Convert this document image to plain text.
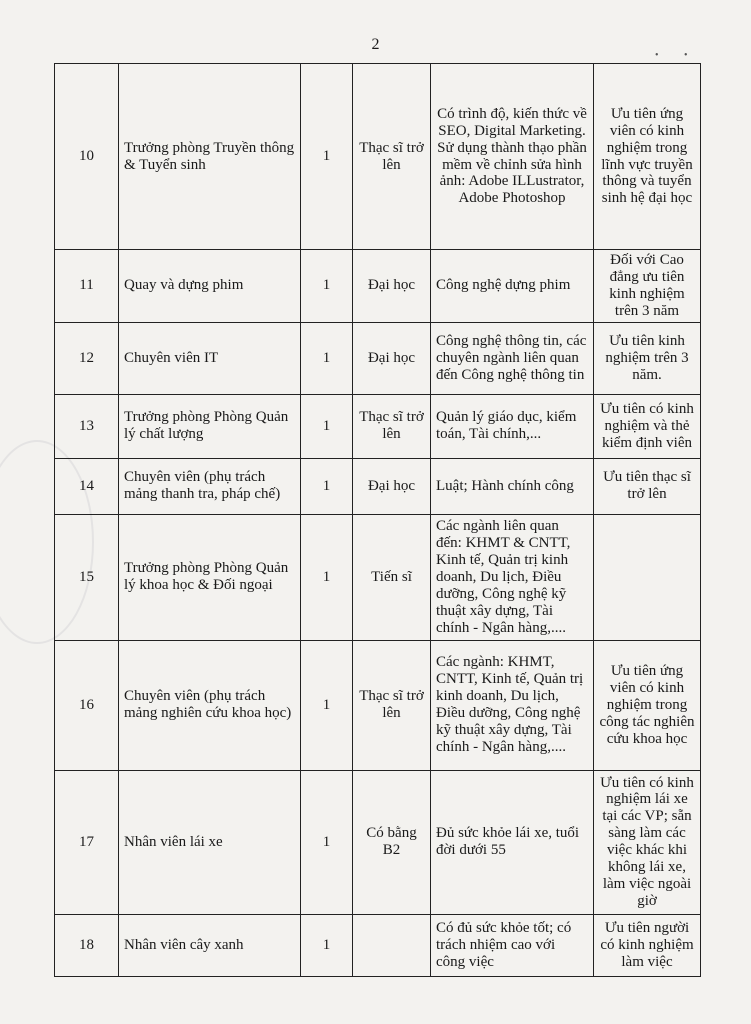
2
•	•
10	Trưởng phòng Truyền thông & Tuyển sinh	1	Thạc sĩ trở lên	Có trình độ, kiến thức về SEO, Digital Marketing. Sử dụng thành thạo phần mềm về chỉnh sửa hình ảnh: Adobe ILLustrator, Adobe Photoshop	Ưu tiên ứng viên có kinh nghiệm trong lĩnh vực truyền thông và tuyển sinh hệ đại học
11	Quay và dựng phim	1	Đại học	Công nghệ dựng phim	Đối với Cao đẳng ưu tiên kinh nghiệm trên 3 năm
12	Chuyên viên IT	1	Đại học	Công nghệ thông tin, các chuyên ngành liên quan đến Công nghệ thông tin	Ưu tiên kinh nghiệm trên 3 năm.
13	Trưởng phòng Phòng Quản lý chất lượng	1	Thạc sĩ trở lên	Quản lý giáo dục, kiểm toán, Tài chính,...	Ưu tiên có kinh nghiệm và thẻ kiểm định viên
14	Chuyên viên (phụ trách mảng thanh tra, pháp chế)	1	Đại học	Luật; Hành chính công	Ưu tiên thạc sĩ trở lên
15	Trưởng phòng Phòng Quản lý khoa học & Đối ngoại	1	Tiến sĩ	Các ngành liên quan đến: KHMT & CNTT, Kinh tế, Quản trị kinh doanh, Du lịch, Điều dưỡng, Công nghệ kỹ thuật xây dựng, Tài chính - Ngân hàng,....	
16	Chuyên viên (phụ trách mảng nghiên cứu khoa học)	1	Thạc sĩ trở lên	Các ngành: KHMT, CNTT, Kinh tế, Quản trị kinh doanh, Du lịch, Điều dưỡng, Công nghệ kỹ thuật xây dựng, Tài chính - Ngân hàng,....	Ưu tiên ứng viên có kinh nghiệm trong công tác nghiên cứu khoa học
17	Nhân viên lái xe	1	Có bằng B2	Đủ sức khỏe lái xe, tuổi đời dưới 55	Ưu tiên có kinh nghiệm lái xe tại các VP; sẵn sàng làm các việc khác khi không lái xe, làm việc ngoài giờ
18	Nhân viên cây xanh	1		Có đủ sức khỏe tốt; có trách nhiệm cao với công việc	Ưu tiên người có kinh nghiệm làm việc
